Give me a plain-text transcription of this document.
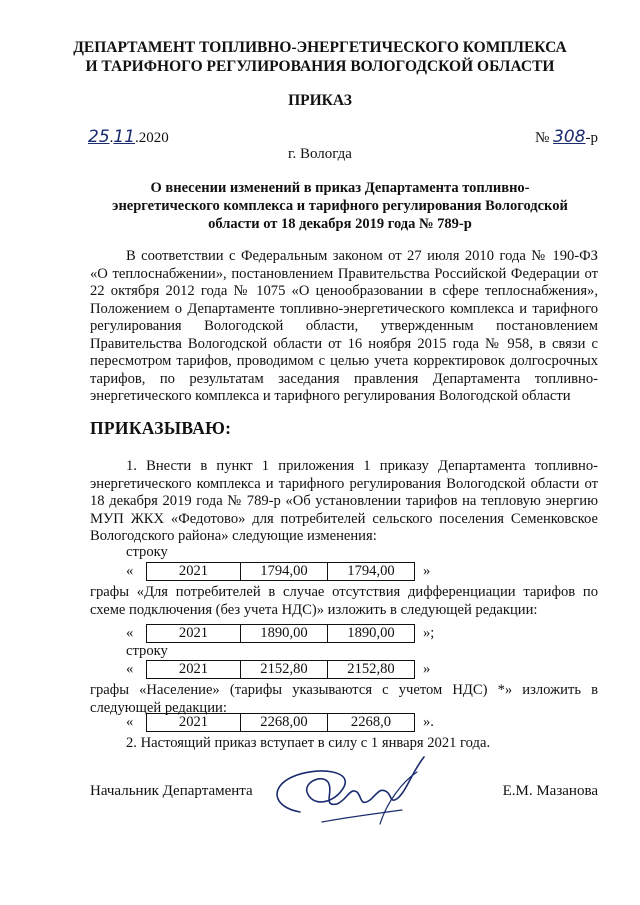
ДЕПАРТАМЕНТ ТОПЛИВНО-ЭНЕРГЕТИЧЕСКОГО КОМПЛЕКСА
И ТАРИФНОГО РЕГУЛИРОВАНИЯ ВОЛОГОДСКОЙ ОБЛАСТИ
ПРИКАЗ
25.11.2020	№ 308-р
г. Вологда
О внесении изменений в приказ Департамента топливно-
энергетического комплекса и тарифного регулирования Вологодской
области от 18 декабря 2019 года № 789-р
В соответствии с Федеральным законом от 27 июля 2010 года № 190-ФЗ «О теплоснабжении», постановлением Правительства Российской Федерации от 22 октября 2012 года № 1075 «О ценообразовании в сфере теплоснабжения», Положением о Департаменте топливно-энергетического комплекса и тарифного регулирования Вологодской области, утвержденным постановлением Правительства Вологодской области от 16 ноября 2015 года № 958, в связи с пересмотром тарифов, проводимом с целью учета корректировок долгосрочных тарифов, по результатам заседания правления Департамента топливно-энергетического комплекса и тарифного регулирования Вологодской области
ПРИКАЗЫВАЮ:
1. Внести в пункт 1 приложения 1 приказу Департамента топливно-энергетического комплекса и тарифного регулирования Вологодской области от 18 декабря 2019 года № 789-р «Об установлении тарифов на тепловую энергию МУП ЖКХ «Федотово» для потребителей сельского поселения Семенковское Вологодского района» следующие изменения:
строку
«	2021	1794,00	1794,00 »
графы «Для потребителей в случае отсутствия дифференциации тарифов по схеме подключения (без учета НДС)» изложить в следующей редакции:
«	2021	1890,00	1890,00 »;
строку
«	2021	2152,80	2152,80 »
графы «Население» (тарифы указываются с учетом НДС) *» изложить в следующей редакции:
«	2021	2268,00	2268,0 ».
2. Настоящий приказ вступает в силу с 1 января 2021 года.
Начальник Департамента	Е.М. Мазанова
